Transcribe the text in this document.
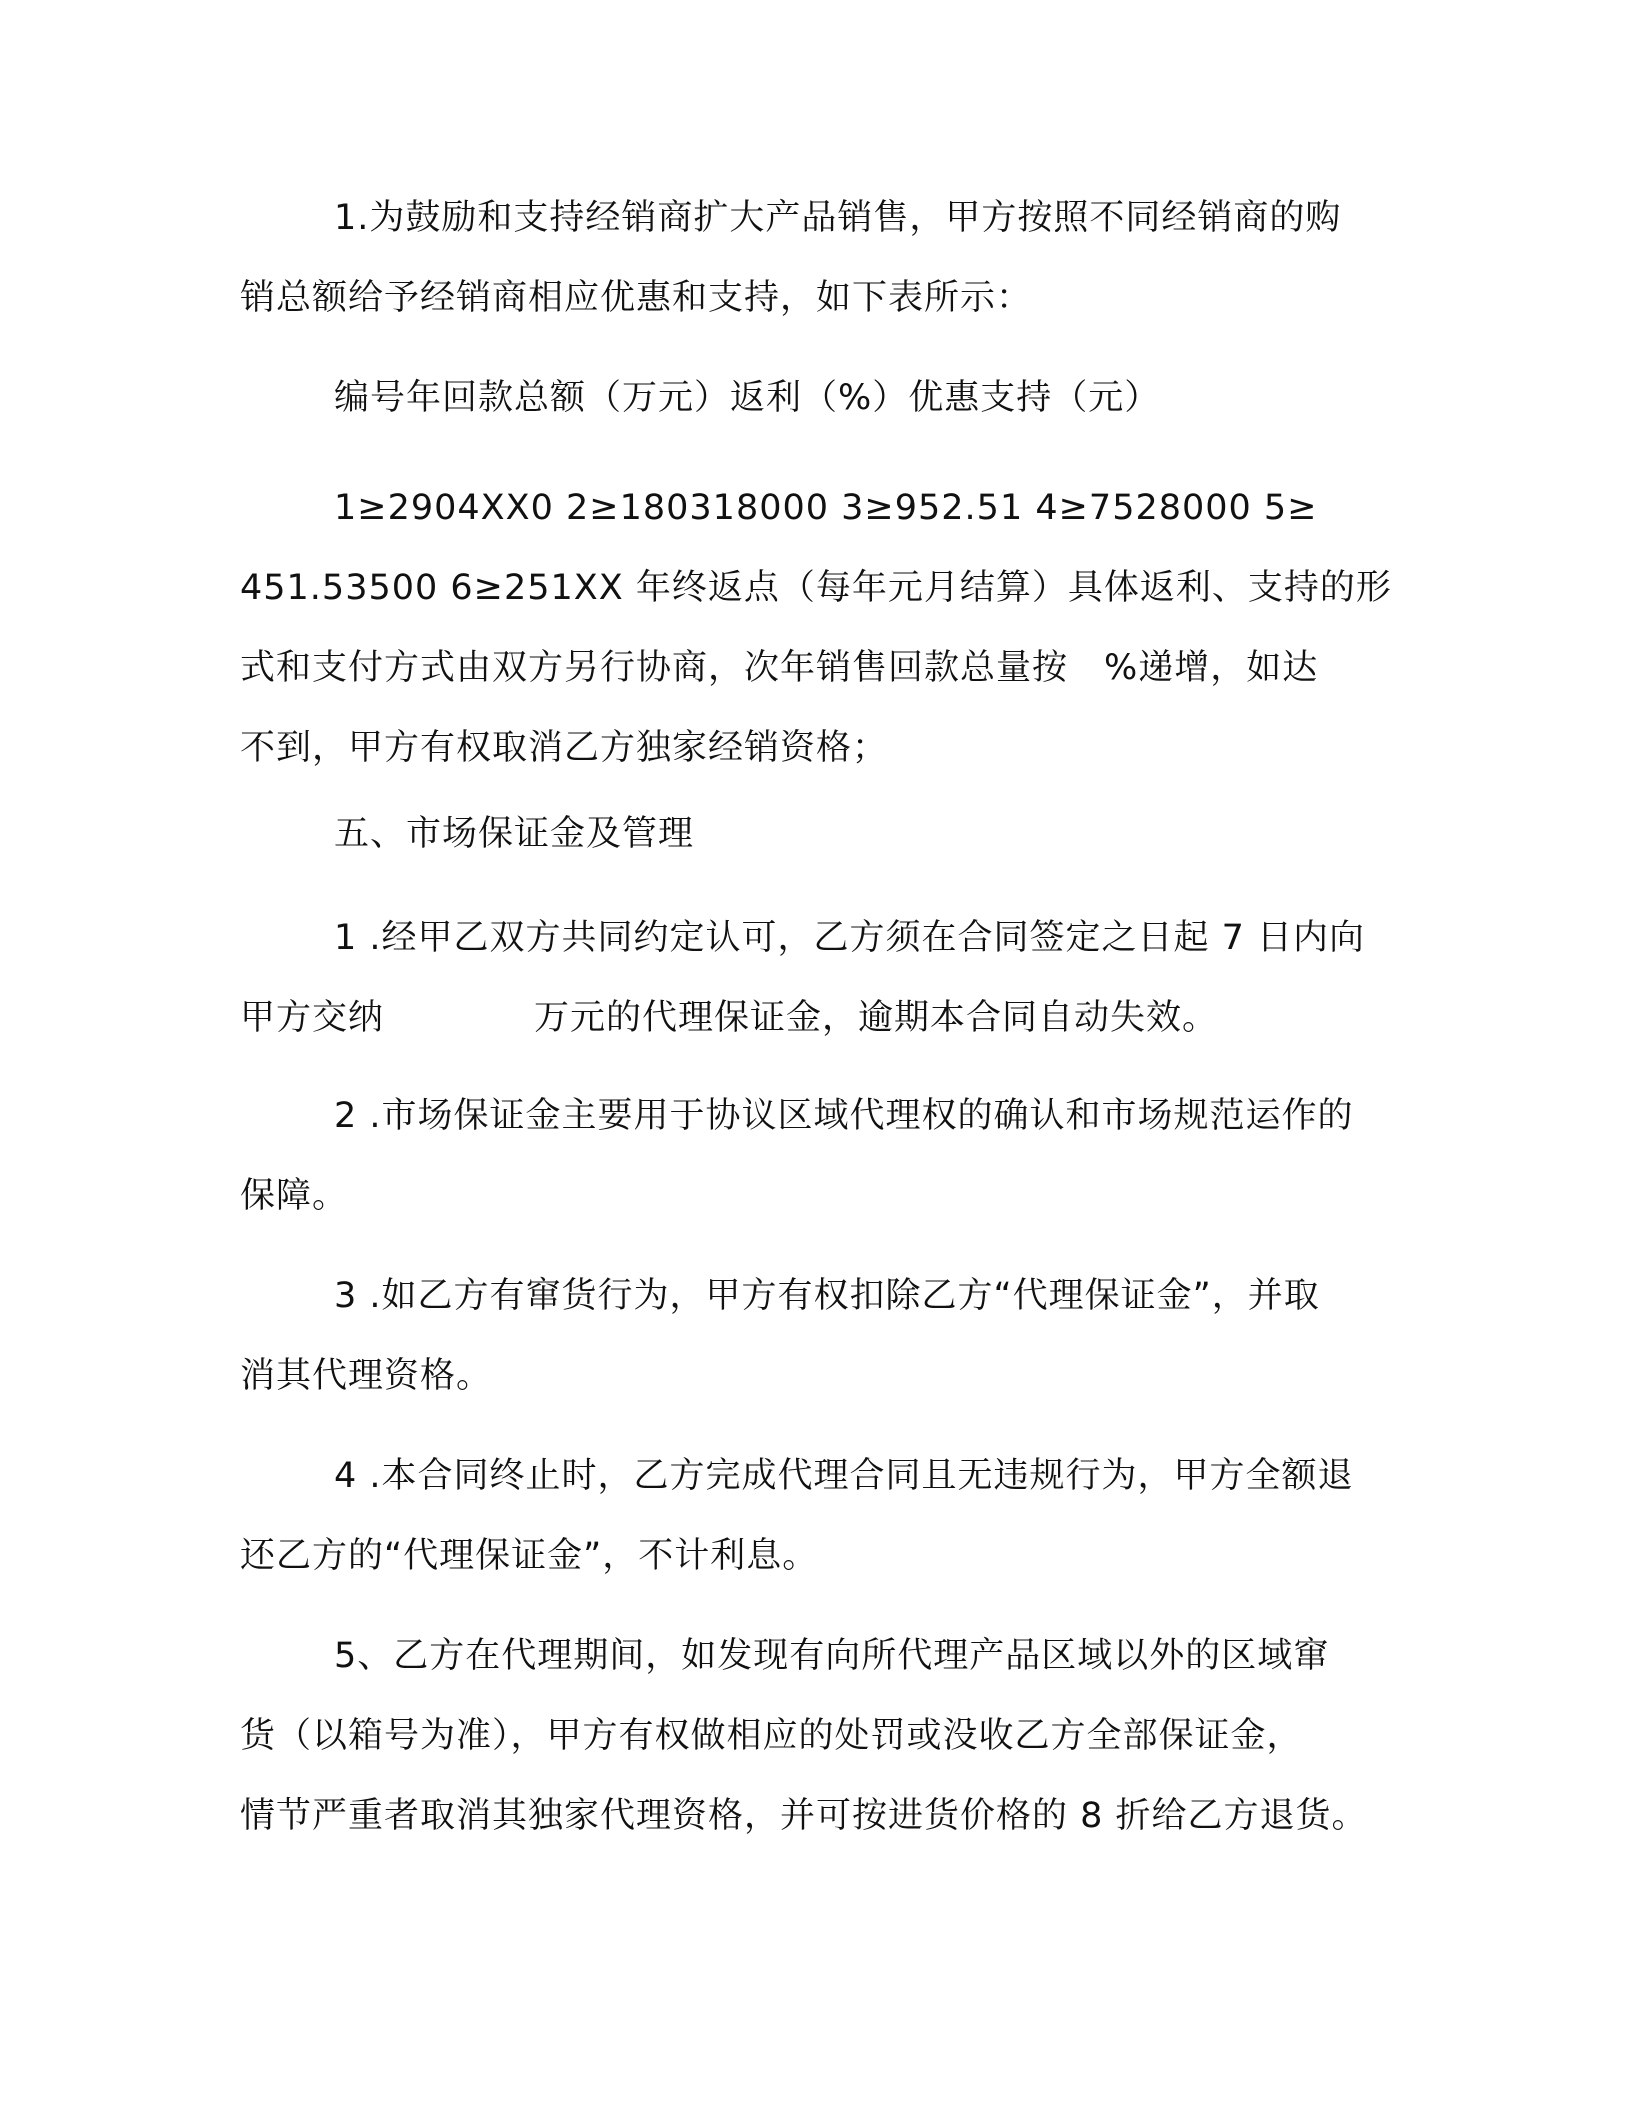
1.为鼓励和支持经销商扩大产品销售，甲方按照不同经销商的购
销总额给予经销商相应优惠和支持，如下表所示：
编号年回款总额（万元）返利（%）优惠支持（元）
1≥2904XX0 2≥180318000 3≥952.51 4≥7528000 5≥
451.53500 6≥251XX 年终返点（每年元月结算）具体返利、支持的形
式和支付方式由双方另行协商，次年销售回款总量按 %递增，如达
不到，甲方有权取消乙方独家经销资格；
五、市场保证金及管理
1 .经甲乙双方共同约定认可，乙方须在合同签定之日起 7 日内向
甲方交纳	万元的代理保证金，逾期本合同自动失效。
2 .市场保证金主要用于协议区域代理权的确认和市场规范运作的
保障。
3 .如乙方有窜货行为，甲方有权扣除乙方“代理保证金”，并取
消其代理资格。
4 .本合同终止时，乙方完成代理合同且无违规行为，甲方全额退
还乙方的“代理保证金”，不计利息。
5、乙方在代理期间，如发现有向所代理产品区域以外的区域窜
货（以箱号为准），甲方有权做相应的处罚或没收乙方全部保证金，
情节严重者取消其独家代理资格，并可按进货价格的 8 折给乙方退货。
